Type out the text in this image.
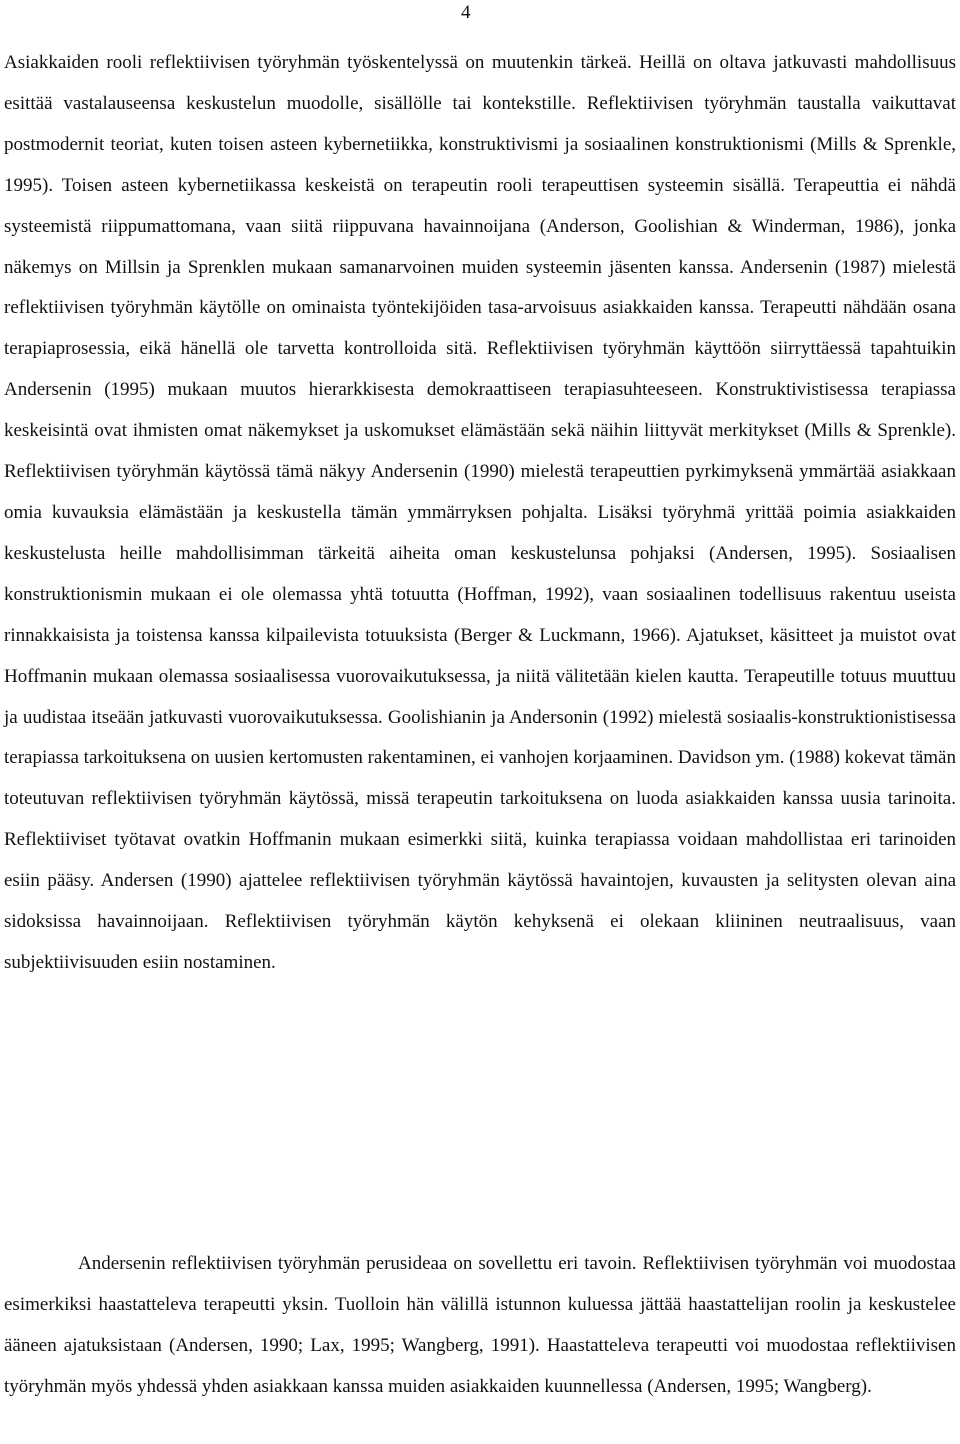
4

Asiakkaiden rooli reflektiivisen työryhmän työskentelyssä on muutenkin tärkeä. Heillä on oltava jatkuvasti mahdollisuus esittää vastalauseensa keskustelun muodolle, sisällölle tai kontekstille. Reflektiivisen työryhmän taustalla vaikuttavat postmodernit teoriat, kuten toisen asteen kybernetiikka, konstruktivismi ja sosiaalinen konstruktionismi (Mills & Sprenkle, 1995). Toisen asteen kybernetiikassa keskeistä on terapeutin rooli terapeuttisen systeemin sisällä. Terapeuttia ei nähdä systeemistä riippumattomana, vaan siitä riippuvana havainnoijana (Anderson, Goolishian & Winderman, 1986), jonka näkemys on Millsin ja Sprenklen mukaan samanarvoinen muiden systeemin jäsenten kanssa. Andersenin (1987) mielestä reflektiivisen työryhmän käytölle on ominaista työntekijöiden tasa-arvoisuus asiakkaiden kanssa. Terapeutti nähdään osana terapiaprosessia, eikä hänellä ole tarvetta kontrolloida sitä. Reflektiivisen työryhmän käyttöön siirryttäessä tapahtuikin Andersenin (1995) mukaan muutos hierarkkisesta demokraattiseen terapiasuhteeseen. Konstruktivistisessa terapiassa keskeisintä ovat ihmisten omat näkemykset ja uskomukset elämästään sekä näihin liittyvät merkitykset (Mills & Sprenkle). Reflektiivisen työryhmän käytössä tämä näkyy Andersenin (1990) mielestä terapeuttien pyrkimyksenä ymmärtää asiakkaan omia kuvauksia elämästään ja keskustella tämän ymmärryksen pohjalta. Lisäksi työryhmä yrittää poimia asiakkaiden keskustelusta heille mahdollisimman tärkeitä aiheita oman keskustelunsa pohjaksi (Andersen, 1995). Sosiaalisen konstruktionismin mukaan ei ole olemassa yhtä totuutta (Hoffman, 1992), vaan sosiaalinen todellisuus rakentuu useista rinnakkaisista ja toistensa kanssa kilpailevista totuuksista (Berger & Luckmann, 1966). Ajatukset, käsitteet ja muistot ovat Hoffmanin mukaan olemassa sosiaalisessa vuorovaikutuksessa, ja niitä välitetään kielen kautta. Terapeutille totuus muuttuu ja uudistaa itseään jatkuvasti vuorovaikutuksessa. Goolishianin ja Andersonin (1992) mielestä sosiaalis-konstruktionistisessa terapiassa tarkoituksena on uusien kertomusten rakentaminen, ei vanhojen korjaaminen. Davidson ym. (1988) kokevat tämän toteutuvan reflektiivisen työryhmän käytössä, missä terapeutin tarkoituksena on luoda asiakkaiden kanssa uusia tarinoita. Reflektiiviset työtavat ovatkin Hoffmanin mukaan esimerkki siitä, kuinka terapiassa voidaan mahdollistaa eri tarinoiden esiin pääsy. Andersen (1990) ajattelee reflektiivisen työryhmän käytössä havaintojen, kuvausten ja selitysten olevan aina sidoksissa havainnoijaan. Reflektiivisen työryhmän käytön kehyksenä ei olekaan kliininen neutraalisuus, vaan subjektiivisuuden esiin nostaminen.

Andersenin reflektiivisen työryhmän perusideaa on sovellettu eri tavoin. Reflektiivisen työryhmän voi muodostaa esimerkiksi haastatteleva terapeutti yksin. Tuolloin hän välillä istunnon kuluessa jättää haastattelijan roolin ja keskustelee ääneen ajatuksistaan (Andersen, 1990; Lax, 1995; Wangberg, 1991). Haastatteleva terapeutti voi muodostaa reflektiivisen työryhmän myös yhdessä yhden asiakkaan kanssa muiden asiakkaiden kuunnellessa (Andersen, 1995; Wangberg).
